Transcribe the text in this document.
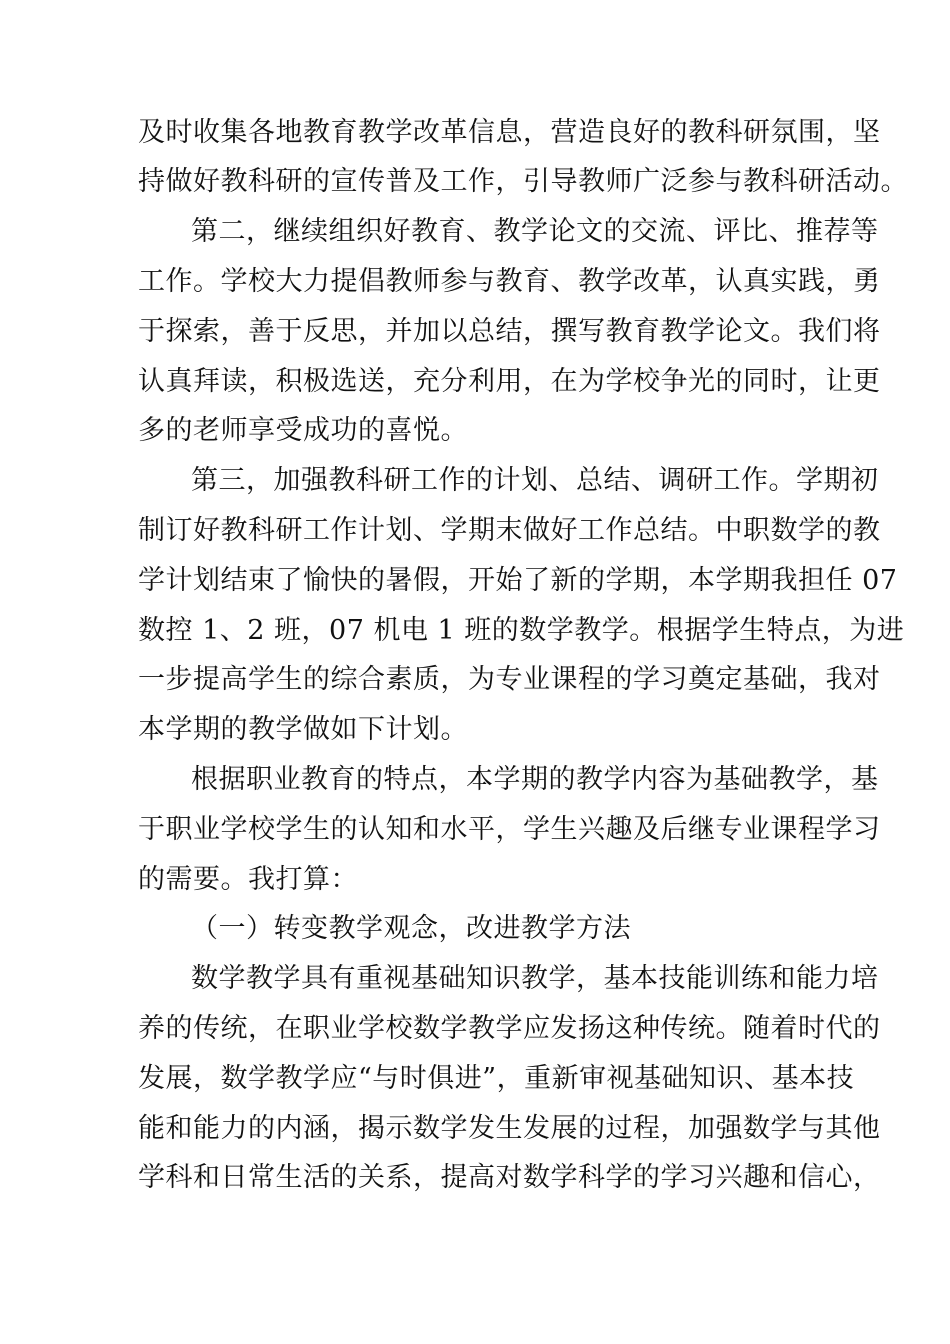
及时收集各地教育教学改革信息，营造良好的教科研氛围，坚
持做好教科研的宣传普及工作，引导教师广泛参与教科研活动。
第二，继续组织好教育、教学论文的交流、评比、推荐等
工作。学校大力提倡教师参与教育、教学改革，认真实践，勇
于探索，善于反思，并加以总结，撰写教育教学论文。我们将
认真拜读，积极选送，充分利用，在为学校争光的同时，让更
多的老师享受成功的喜悦。
第三，加强教科研工作的计划、总结、调研工作。学期初
制订好教科研工作计划、学期末做好工作总结。中职数学的教
学计划结束了愉快的暑假，开始了新的学期，本学期我担任 07
数控 1、2 班，07 机电 1 班的数学教学。根据学生特点，为进
一步提高学生的综合素质，为专业课程的学习奠定基础，我对
本学期的教学做如下计划。
根据职业教育的特点，本学期的教学内容为基础教学，基
于职业学校学生的认知和水平，学生兴趣及后继专业课程学习
的需要。我打算：
（一）转变教学观念，改进教学方法
数学教学具有重视基础知识教学，基本技能训练和能力培
养的传统，在职业学校数学教学应发扬这种传统。随着时代的
发展，数学教学应“与时俱进”，重新审视基础知识、基本技
能和能力的内涵，揭示数学发生发展的过程，加强数学与其他
学科和日常生活的关系，提高对数学科学的学习兴趣和信心，
